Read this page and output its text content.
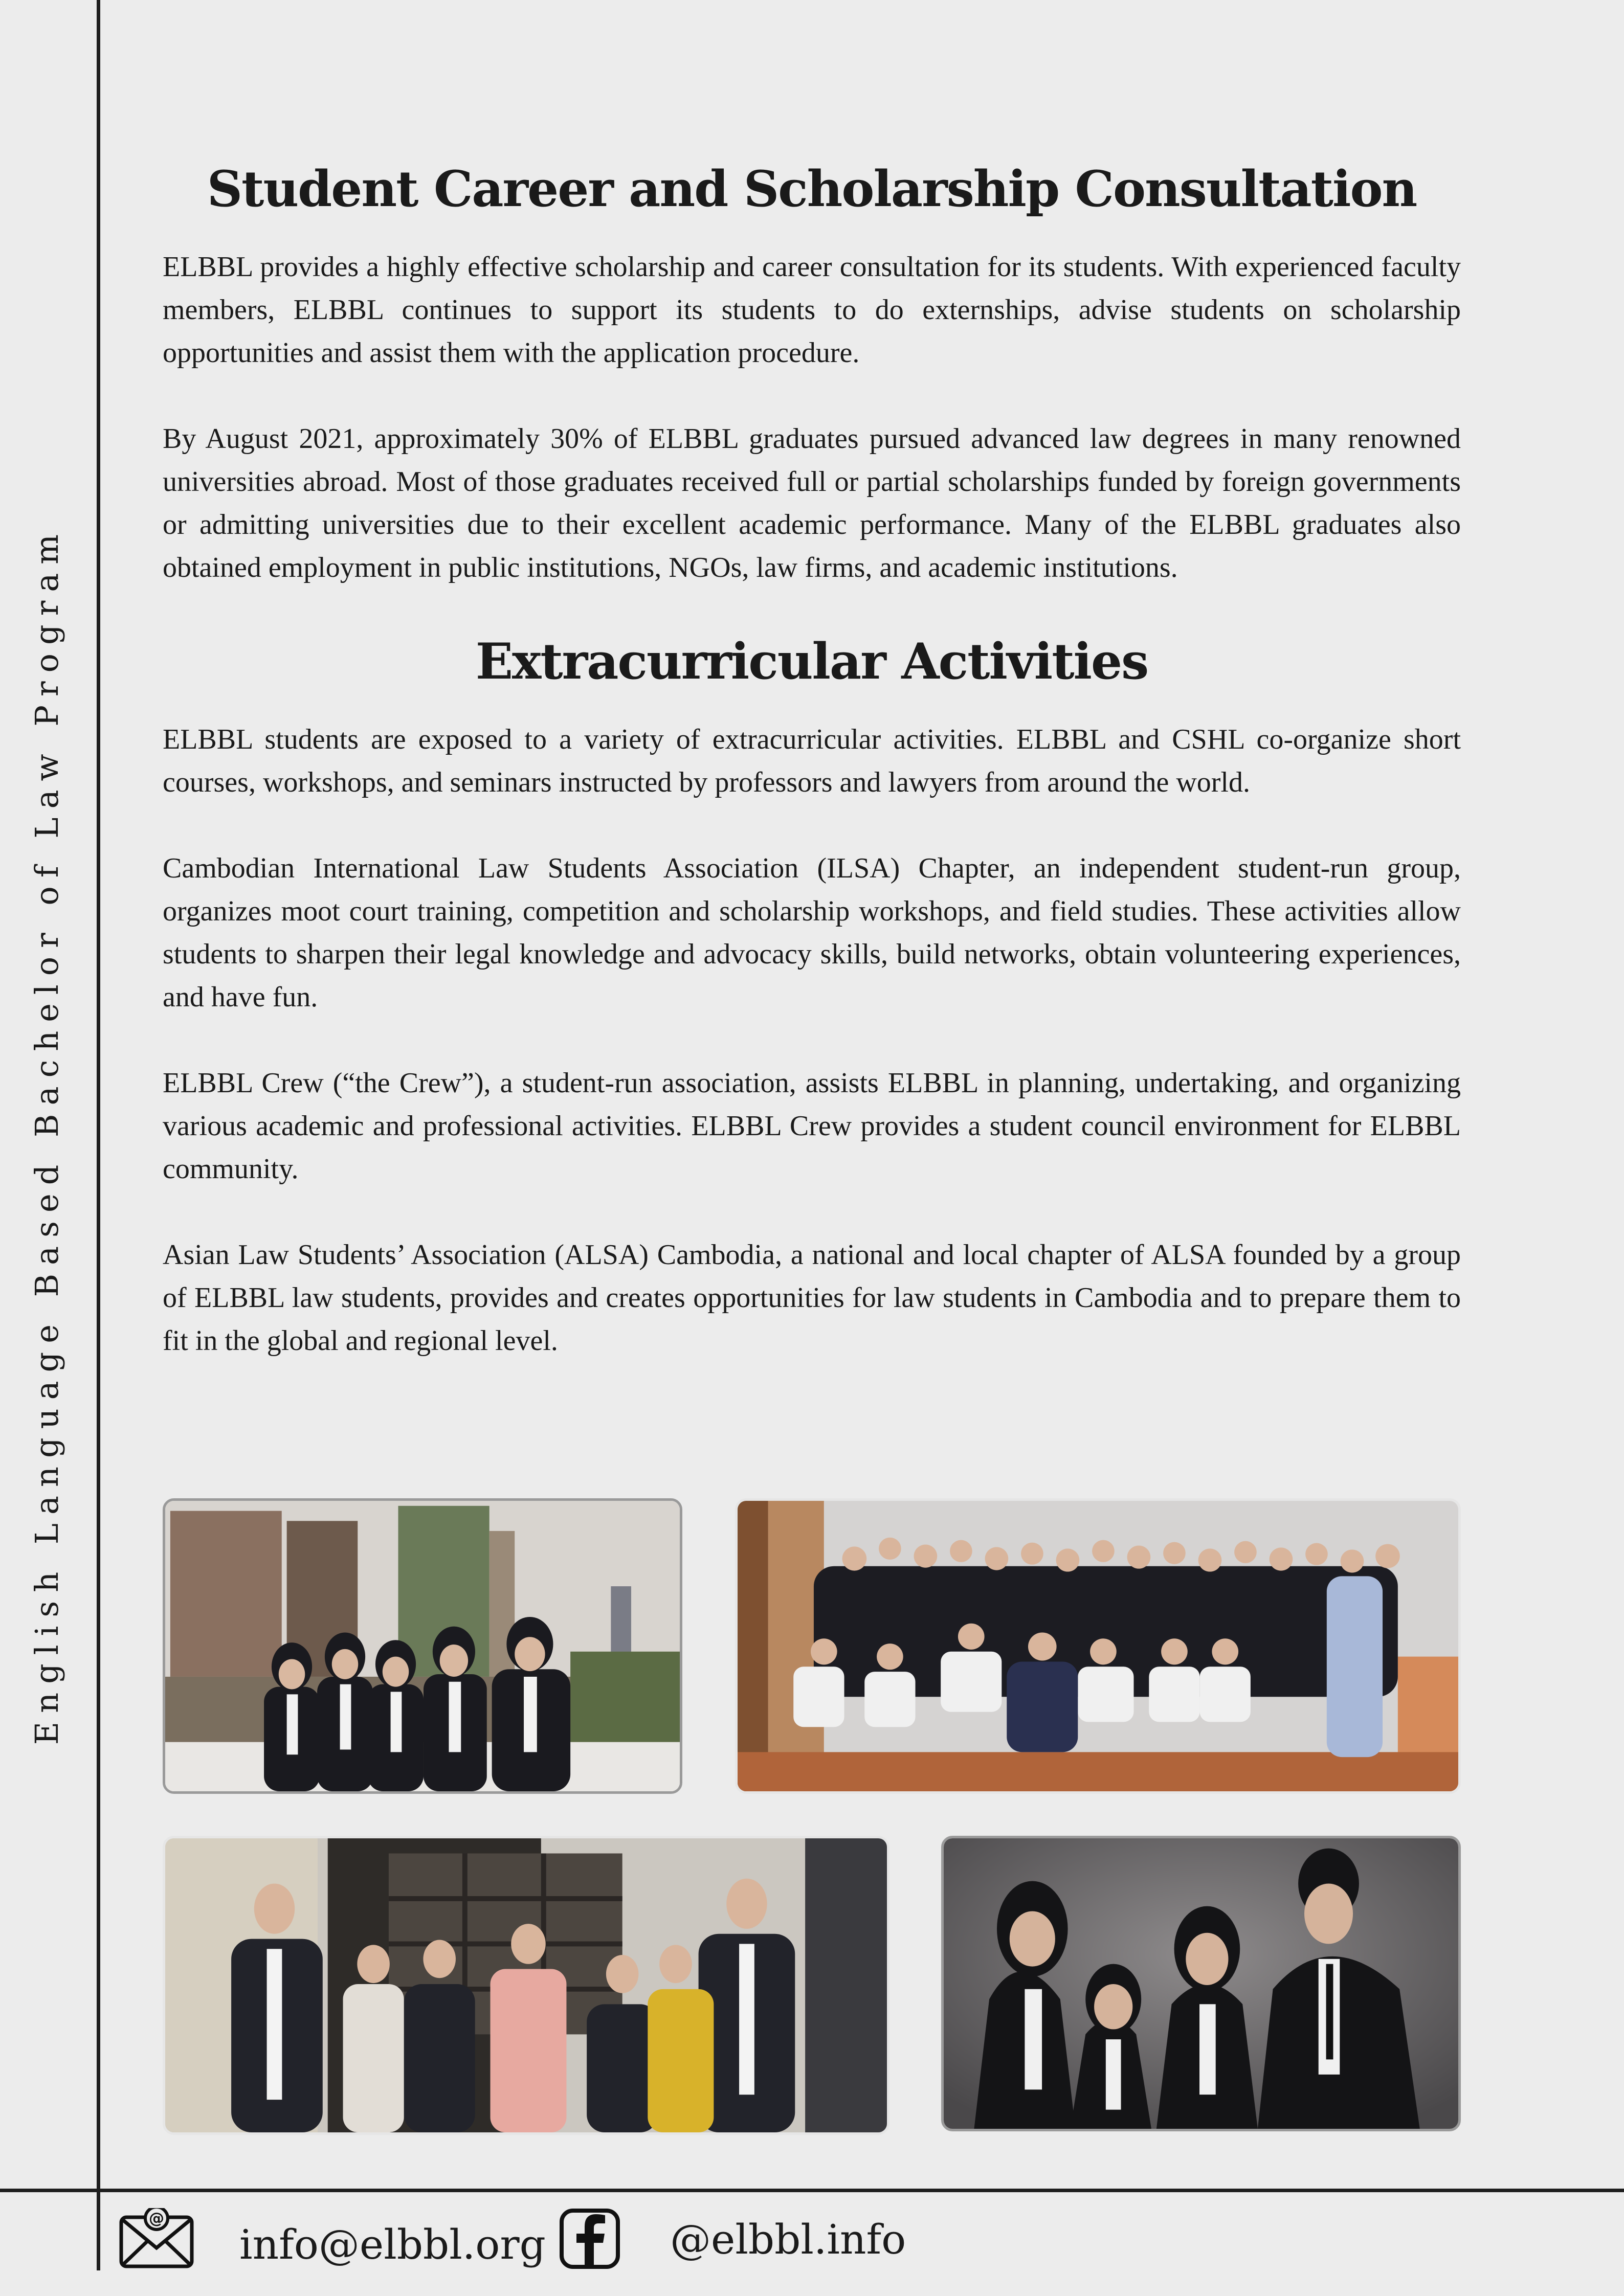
English Language Based Bachelor of Law Program
Student Career and Scholarship Consultation

ELBBL provides a highly effective scholarship and career consultation for its students. With experienced faculty members, ELBBL continues to support its students to do externships, advise students on scholarship opportunities and assist them with the application procedure.

By August 2021, approximately 30% of ELBBL graduates pursued advanced law degrees in many renowned universities abroad. Most of those graduates received full or partial scholarships funded by foreign governments or admitting universities due to their excellent academic performance. Many of the ELBBL graduates also obtained employment in public institutions, NGOs, law firms, and academic institutions.

Extracurricular Activities

ELBBL students are exposed to a variety of extracurricular activities. ELBBL and CSHL co-organize short courses, workshops, and seminars instructed by professors and lawyers from around the world.

Cambodian International Law Students Association (ILSA) Chapter, an independent student-run group, organizes moot court training, competition and scholarship workshops, and field studies. These activities allow students to sharpen their legal knowledge and advocacy skills, build networks, obtain volunteering experiences, and have fun.

ELBBL Crew (“the Crew”), a student-run association, assists ELBBL in planning, undertaking, and organizing various academic and professional activities. ELBBL Crew provides a student council environment for ELBBL community.

Asian Law Students’ Association (ALSA) Cambodia, a national and local chapter of ALSA founded by a group of ELBBL law students, provides and creates opportunities for law students in Cambodia and to prepare them to fit in the global and regional level.

@
info@elbbl.org	@elbbl.info
